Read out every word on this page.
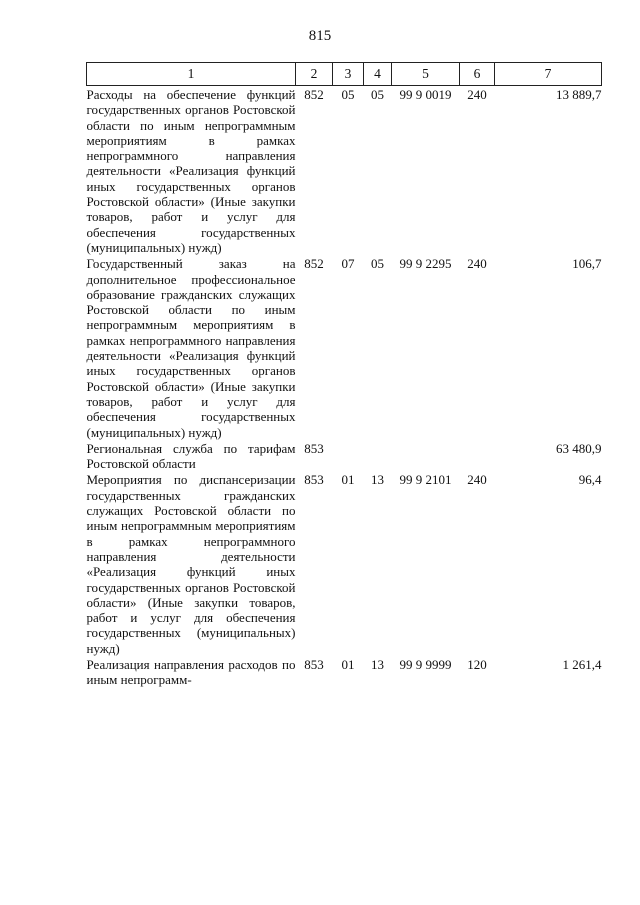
815
1	2	3	4	5	6	7
Расходы на обеспечение функций государственных органов Ростовской области по иным непрограммным мероприятиям в рамках непрограммного направления деятельности «Реализация функций иных государственных органов Ростовской области» (Иные закупки товаров, работ и услуг для обеспечения государственных (муниципальных) нужд)	852	05	05	99 9 0019	240	13 889,7
Государственный заказ на дополнительное профессиональное образование гражданских служащих Ростовской области по иным непрограммным мероприятиям в рамках непрограммного направления деятельности «Реализация функций иных государственных органов Ростовской области» (Иные закупки товаров, работ и услуг для обеспечения государственных (муниципальных) нужд)	852	07	05	99 9 2295	240	106,7
Региональная служба по тарифам Ростовской области	853					63 480,9
Мероприятия по диспансеризации государственных гражданских служащих Ростовской области по иным непрограммным мероприятиям в рамках непрограммного направления деятельности «Реализация функций иных государственных органов Ростовской области» (Иные закупки товаров, работ и услуг для обеспечения государственных (муниципальных) нужд)	853	01	13	99 9 2101	240	96,4
Реализация направления расходов по иным непрограмм-	853	01	13	99 9 9999	120	1 261,4
